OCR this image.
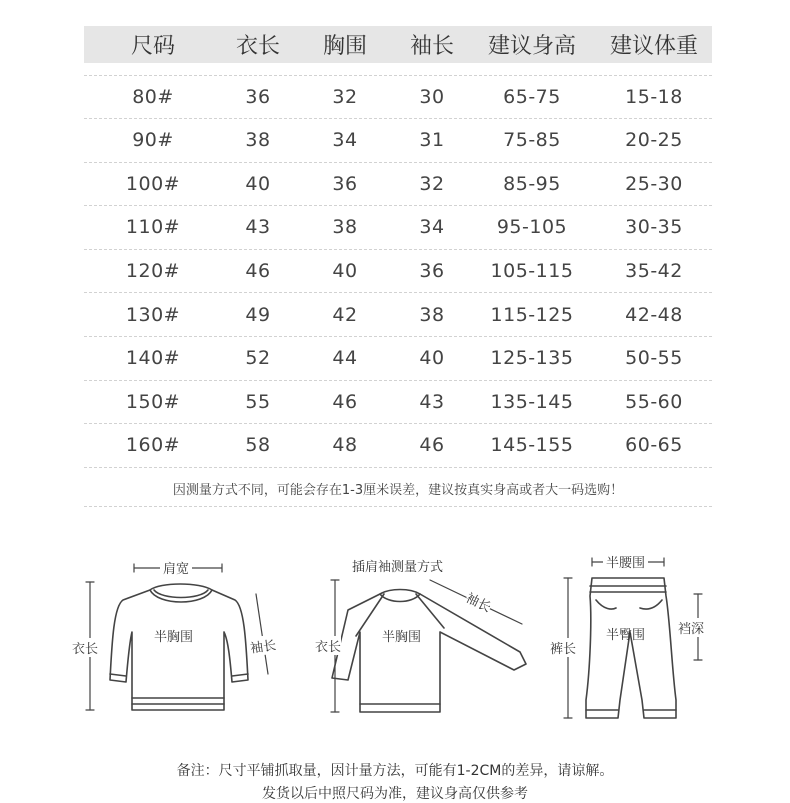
尺码	衣长	胸围	袖长	建议身高	建议体重
80#	36	32	30	65-75	15-18
90#	38	34	31	75-85	20-25
100#	40	36	32	85-95	25-30
110#	43	38	34	95-105	30-35
120#	46	40	36	105-115	35-42
130#	49	42	38	115-125	42-48
140#	52	44	40	125-135	50-55
150#	55	46	43	135-145	55-60
160#	58	48	46	145-155	60-65
因测量方式不同，可能会存在1-3厘米误差，建议按真实身高或者大一码选购！
肩宽
半胸围
衣长	袖长
插肩袖测量方式
袖长
半胸围
衣长
半腰围
半臀围
裤长
裆深
备注：尺寸平铺抓取量，因计量方法，可能有1-2CM的差异，请谅解。
发货以后中照尺码为准，建议身高仅供参考
